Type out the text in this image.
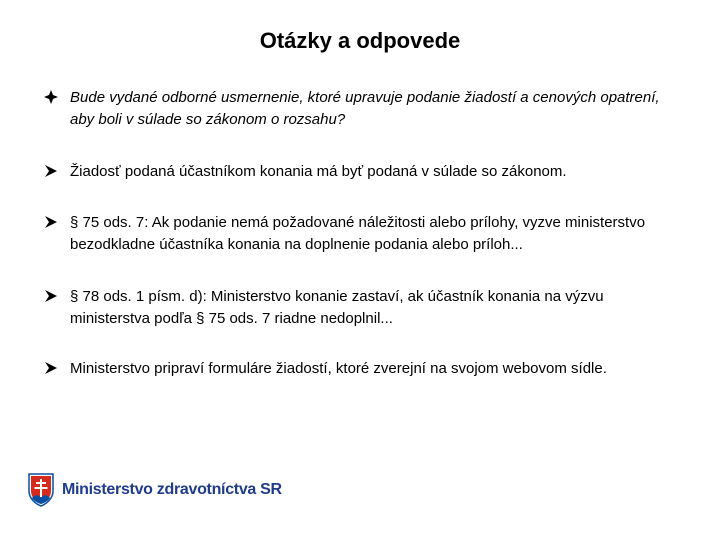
Otázky a odpovede
Bude vydané odborné usmernenie, ktoré upravuje podanie žiadostí a cenových opatrení, aby boli v súlade so zákonom o rozsahu?
Žiadosť podaná účastníkom konania má byť podaná v súlade so zákonom.
§ 75 ods. 7: Ak podanie nemá požadované náležitosti alebo prílohy, vyzve ministerstvo bezodkladne účastníka konania na doplnenie podania alebo príloh...
§ 78 ods. 1 písm. d): Ministerstvo konanie zastaví, ak účastník konania na výzvu ministerstva podľa § 75 ods. 7 riadne nedoplnil...
Ministerstvo pripraví formuláre žiadostí, ktoré zverejní na svojom webovom sídle.
Ministerstvo zdravotníctva SR
